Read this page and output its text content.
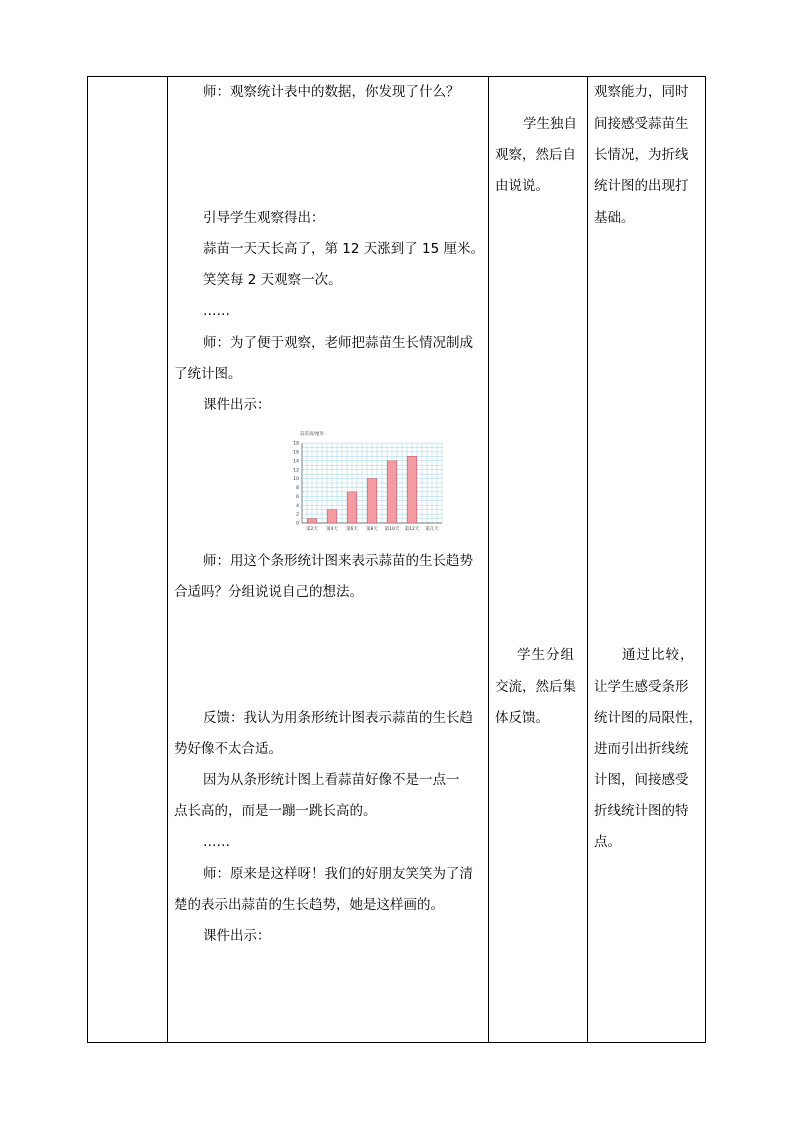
师：观察统计表中的数据，你发现了什么？
引导学生观察得出：
蒜苗一天天长高了，第 12 天涨到了 15 厘米。
笑笑每 2 天观察一次。
……
师：为了便于观察，老师把蒜苗生长情况制成
了统计图。
课件出示：
蒜苗高/厘米
0
2
4
6
8
10
12
14
16
18
第2天 第4天 第6天 第8天 第10天 第12天 第几天
师：用这个条形统计图来表示蒜苗的生长趋势
合适吗？分组说说自己的想法。
反馈：我认为用条形统计图表示蒜苗的生长趋
势好像不太合适。
因为从条形统计图上看蒜苗好像不是一点一
点长高的，而是一蹦一跳长高的。
……
师：原来是这样呀！我们的好朋友笑笑为了清
楚的表示出蒜苗的生长趋势，她是这样画的。
课件出示：
学生独自
观察，然后自
由说说。
学生分组
交流，然后集
体反馈。
观察能力，同时
间接感受蒜苗生
长情况，为折线
统计图的出现打
基础。
通过比较，
让学生感受条形
统计图的局限性，
进而引出折线统
计图，间接感受
折线统计图的特
点。
